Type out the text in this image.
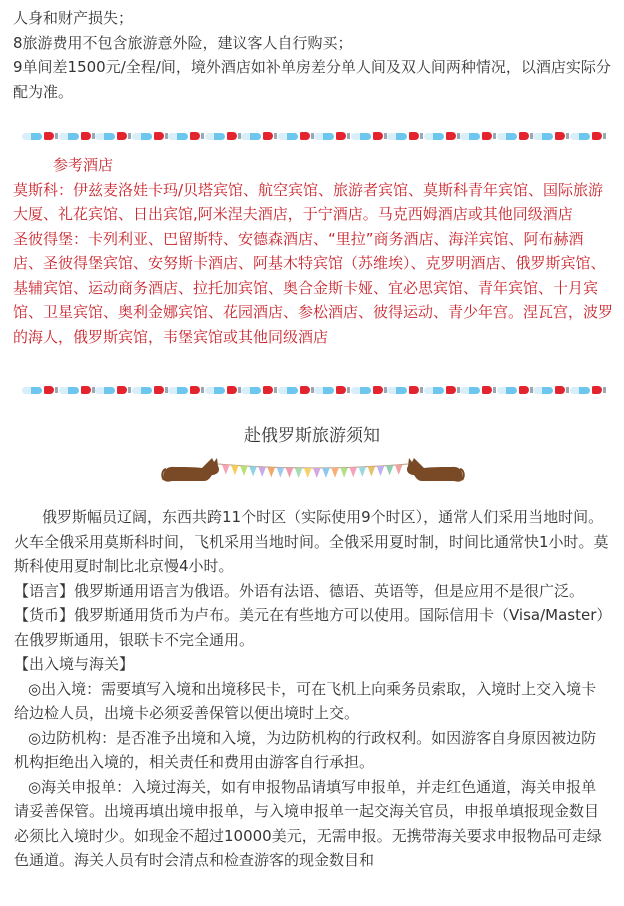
人身和财产损失；

8旅游费用不包含旅游意外险，建议客人自行购买；

9单间差1500元/全程/间，境外酒店如补单房差分单人间及双人间两种情况，以酒店实际分配为准。

参考酒店

莫斯科：伊兹麦洛娃卡玛/贝塔宾馆、航空宾馆、旅游者宾馆、莫斯科青年宾馆、国际旅游大厦、礼花宾馆、日出宾馆,阿米涅夫酒店，于宁酒店。马克西姆酒店或其他同级酒店

圣彼得堡：卡列利亚、巴留斯特、安德森酒店、“里拉”商务酒店、海洋宾馆、阿布赫酒店、圣彼得堡宾馆、安努斯卡酒店、阿基木特宾馆（苏维埃）、克罗明酒店、俄罗斯宾馆、基辅宾馆、运动商务酒店、拉托加宾馆、奥合金斯卡娅、宜必思宾馆、青年宾馆、十月宾馆、卫星宾馆、奥利金娜宾馆、花园酒店、参松酒店、彼得运动、青少年宫。涅瓦宫，波罗的海人，俄罗斯宾馆，韦堡宾馆或其他同级酒店

赴俄罗斯旅游须知

俄罗斯幅员辽阔，东西共跨11个时区（实际使用9个时区），通常人们采用当地时间。火车全俄采用莫斯科时间，飞机采用当地时间。全俄采用夏时制，时间比通常快1小时。莫斯科使用夏时制比北京慢4小时。

【语言】俄罗斯通用语言为俄语。外语有法语、德语、英语等，但是应用不是很广泛。

【货币】俄罗斯通用货币为卢布。美元在有些地方可以使用。国际信用卡（Visa/Master）在俄罗斯通用，银联卡不完全通用。

【出入境与海关】

◎出入境：需要填写入境和出境移民卡，可在飞机上向乘务员索取，入境时上交入境卡给边检人员，出境卡必须妥善保管以便出境时上交。

◎边防机构：是否准予出境和入境，为边防机构的行政权利。如因游客自身原因被边防机构拒绝出入境的，相关责任和费用由游客自行承担。

◎海关申报单：入境过海关，如有申报物品请填写申报单，并走红色通道，海关申报单请妥善保管。出境再填出境申报单，与入境申报单一起交海关官员，申报单填报现金数目必须比入境时少。如现金不超过10000美元，无需申报。无携带海关要求申报物品可走绿色通道。海关人员有时会清点和检查游客的现金数目和
